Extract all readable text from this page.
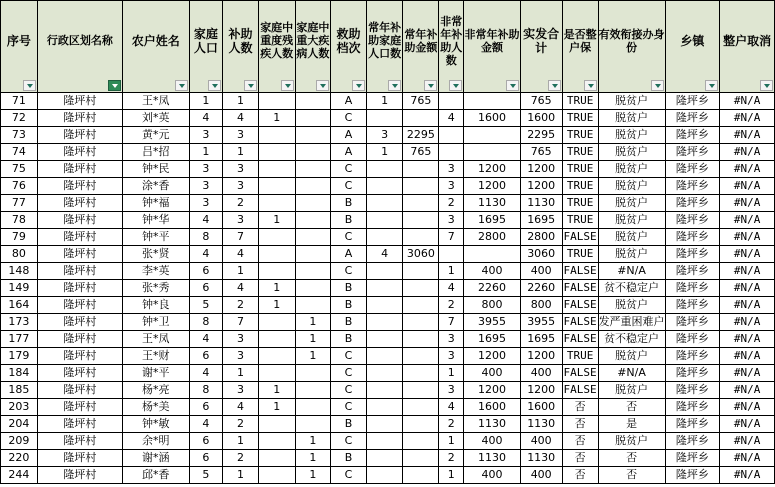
序号	行政区划名称	农户姓名	家庭人口	补助人数	家庭中重度残疾人数	家庭中重大疾病人数	救助档次	常年补助家庭人口数	常年补助金额	非常年补助人数	非常年补助金额	实发合计	是否整户保	有效衔接办身份	乡镇	整户取消

71	隆坪村	王*凤	1	1			A	1	765			765	TRUE	脱贫户	隆坪乡	#N/A
72	隆坪村	刘*英	4	4	1		C			4	1600	1600	TRUE	脱贫户	隆坪乡	#N/A
73	隆坪村	黄*元	3	3			A	3	2295			2295	TRUE	脱贫户	隆坪乡	#N/A
74	隆坪村	吕*招	1	1			A	1	765			765	TRUE	脱贫户	隆坪乡	#N/A
75	隆坪村	钟*民	3	3			C			3	1200	1200	TRUE	脱贫户	隆坪乡	#N/A
76	隆坪村	涂*香	3	3			C			3	1200	1200	TRUE	脱贫户	隆坪乡	#N/A
77	隆坪村	钟*福	3	2			B			2	1130	1130	TRUE	脱贫户	隆坪乡	#N/A
78	隆坪村	钟*华	4	3	1		B			3	1695	1695	TRUE	脱贫户	隆坪乡	#N/A
79	隆坪村	钟*平	8	7			C			7	2800	2800	FALSE	脱贫户	隆坪乡	#N/A
80	隆坪村	张*贤	4	4			A	4	3060			3060	TRUE	脱贫户	隆坪乡	#N/A
148	隆坪村	李*英	6	1			C			1	400	400	FALSE	#N/A	隆坪乡	#N/A
149	隆坪村	张*秀	6	4	1		B			4	2260	2260	FALSE	贫不稳定户	隆坪乡	#N/A
164	隆坪村	钟*良	5	2	1		B			2	800	800	FALSE	脱贫户	隆坪乡	#N/A
173	隆坪村	钟*卫	8	7		1	B			7	3955	3955	FALSE	发严重困难户	隆坪乡	#N/A
177	隆坪村	王*凤	4	3		1	B			3	1695	1695	FALSE	贫不稳定户	隆坪乡	#N/A
179	隆坪村	王*财	6	3		1	C			3	1200	1200	TRUE	脱贫户	隆坪乡	#N/A
184	隆坪村	谢*平	4	1			C			1	400	400	FALSE	#N/A	隆坪乡	#N/A
185	隆坪村	杨*亮	8	3	1		C			3	1200	1200	FALSE	脱贫户	隆坪乡	#N/A
203	隆坪村	杨*美	6	4	1		C			4	1600	1600	否	否	隆坪乡	#N/A
204	隆坪村	钟*敏	4	2			B			2	1130	1130	否	是	隆坪乡	#N/A
209	隆坪村	余*明	6	1		1	C			1	400	400	否	脱贫户	隆坪乡	#N/A
220	隆坪村	谢*涵	6	2		1	B			2	1130	1130	否	否	隆坪乡	#N/A
244	隆坪村	邱*香	5	1		1	C			1	400	400	否	否	隆坪乡	#N/A
